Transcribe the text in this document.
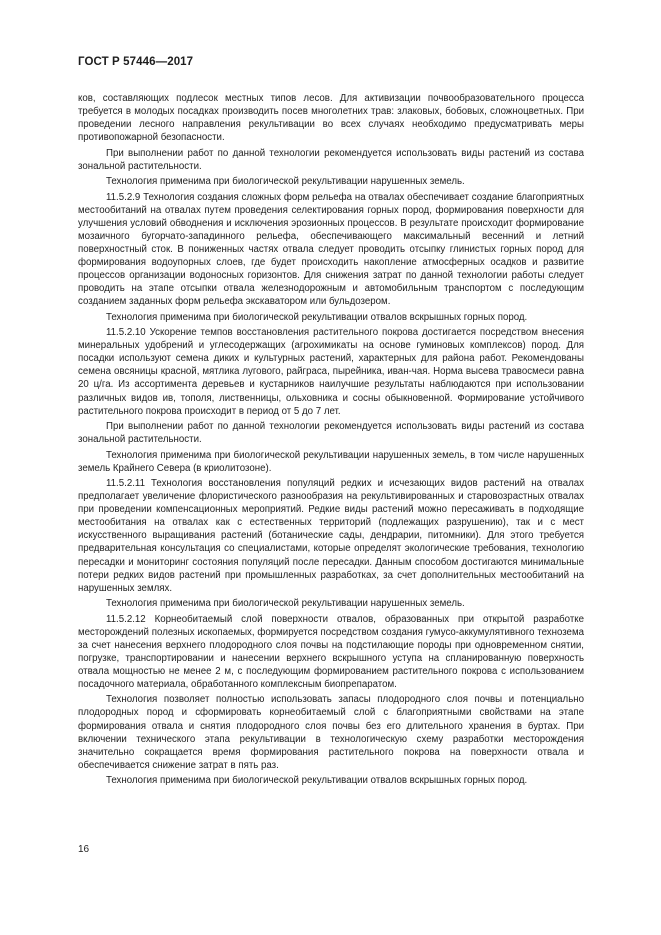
ГОСТ Р 57446—2017

ков, составляющих подлесок местных типов лесов. Для активизации почвообразовательного процесса требуется в молодых посадках производить посев многолетних трав: злаковых, бобовых, сложноцветных. При проведении лесного направления рекультивации во всех случаях необходимо предусматривать меры противопожарной безопасности.

При выполнении работ по данной технологии рекомендуется использовать виды растений из состава зональной растительности.

Технология применима при биологической рекультивации нарушенных земель.

11.5.2.9 Технология создания сложных форм рельефа на отвалах обеспечивает создание благоприятных местообитаний на отвалах путем проведения селектирования горных пород, формирования поверхности для улучшения условий обводнения и исключения эрозионных процессов. В результате происходит формирование мозаичного бугорчато-западинного рельефа, обеспечивающего максимальный весенний и летний поверхностный сток. В пониженных частях отвала следует проводить отсыпку глинистых горных пород для формирования водоупорных слоев, где будет происходить накопление атмосферных осадков и развитие процессов организации водоносных горизонтов. Для снижения затрат по данной технологии работы следует проводить на этапе отсыпки отвала железнодорожным и автомобильным транспортом с последующим созданием заданных форм рельефа экскаватором или бульдозером.

Технология применима при биологической рекультивации отвалов вскрышных горных пород.

11.5.2.10 Ускорение темпов восстановления растительного покрова достигается посредством внесения минеральных удобрений и углесодержащих (агрохимикаты на основе гуминовых комплексов) пород. Для посадки используют семена диких и культурных растений, характерных для района работ. Рекомендованы семена овсяницы красной, мятлика лугового, райграса, пырейника, иван-чая. Норма высева травосмеси равна 20 ц/га. Из ассортимента деревьев и кустарников наилучшие результаты наблюдаются при использовании различных видов ив, тополя, лиственницы, ольховника и сосны обыкновенной. Формирование устойчивого растительного покрова происходит в период от 5 до 7 лет.

При выполнении работ по данной технологии рекомендуется использовать виды растений из состава зональной растительности.

Технология применима при биологической рекультивации нарушенных земель, в том числе нарушенных земель Крайнего Севера (в криолитозоне).

11.5.2.11 Технология восстановления популяций редких и исчезающих видов растений на отвалах предполагает увеличение флористического разнообразия на рекультивированных и старовозрастных отвалах при проведении компенсационных мероприятий. Редкие виды растений можно пересаживать в подходящие местообитания на отвалах как с естественных территорий (подлежащих разрушению), так и с мест искусственного выращивания растений (ботанические сады, дендрарии, питомники). Для этого требуется предварительная консультация со специалистами, которые определят экологические требования, технологию пересадки и мониторинг состояния популяций после пересадки. Данным способом достигаются минимальные потери редких видов растений при промышленных разработках, за счет дополнительных местообитаний на нарушенных землях.

Технология применима при биологической рекультивации нарушенных земель.

11.5.2.12 Корнеобитаемый слой поверхности отвалов, образованных при открытой разработке месторождений полезных ископаемых, формируется посредством создания гумусо-аккумулятивного технозема за счет нанесения верхнего плодородного слоя почвы на подстилающие породы при одновременном снятии, погрузке, транспортировании и нанесении верхнего вскрышного уступа на спланированную поверхность отвала мощностью не менее 2 м, с последующим формированием растительного покрова с использованием посадочного материала, обработанного комплексным биопрепаратом.

Технология позволяет полностью использовать запасы плодородного слоя почвы и потенциально плодородных пород и сформировать корнеобитаемый слой с благоприятными свойствами на этапе формирования отвала и снятия плодородного слоя почвы без его длительного хранения в буртах. При включении технического этапа рекультивации в технологическую схему разработки месторождения значительно сокращается время формирования растительного покрова на поверхности отвала и обеспечивается снижение затрат в пять раз.

Технология применима при биологической рекультивации отвалов вскрышных горных пород.

16
